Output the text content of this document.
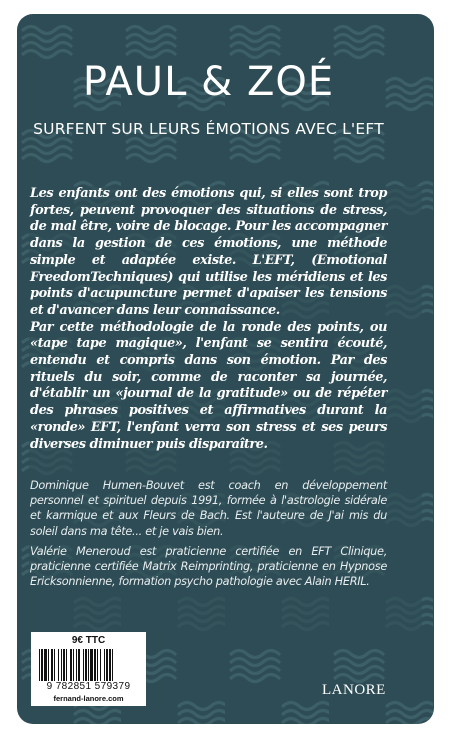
PAUL & ZOÉ
SURFENT SUR LEURS ÉMOTIONS AVEC L'EFT

Les enfants ont des émotions qui, si elles sont trop fortes, peuvent provoquer des situations de stress, de mal être, voire de blocage. Pour les accompagner dans la gestion de ces émotions, une méthode simple et adaptée existe. L'EFT, (Emotional FreedomTechniques) qui utilise les méridiens et les points d'acupuncture permet d'apaiser les tensions et d'avancer dans leur connaissance.

Par cette méthodologie de la ronde des points, ou «tape tape magique», l'enfant se sentira écouté, entendu et compris dans son émotion. Par des rituels du soir, comme de raconter sa journée, d'établir un «journal de la gratitude» ou de répéter des phrases positives et affirmatives durant la «ronde» EFT, l'enfant verra son stress et ses peurs diverses diminuer puis disparaître.

Dominique Humen-Bouvet est coach en développement personnel et spirituel depuis 1991, formée à l'astrologie sidérale et karmique et aux Fleurs de Bach. Est l'auteure de J'ai mis du soleil dans ma tête... et je vais bien.

Valérie Meneroud est praticienne certifiée en EFT Clinique, praticienne certifiée Matrix Reimprinting, praticienne en Hypnose Ericksonnienne, formation psycho pathologie avec Alain HERIL.

9€ TTC
9 782851 579379
fernand-lanore.com
LANORE
